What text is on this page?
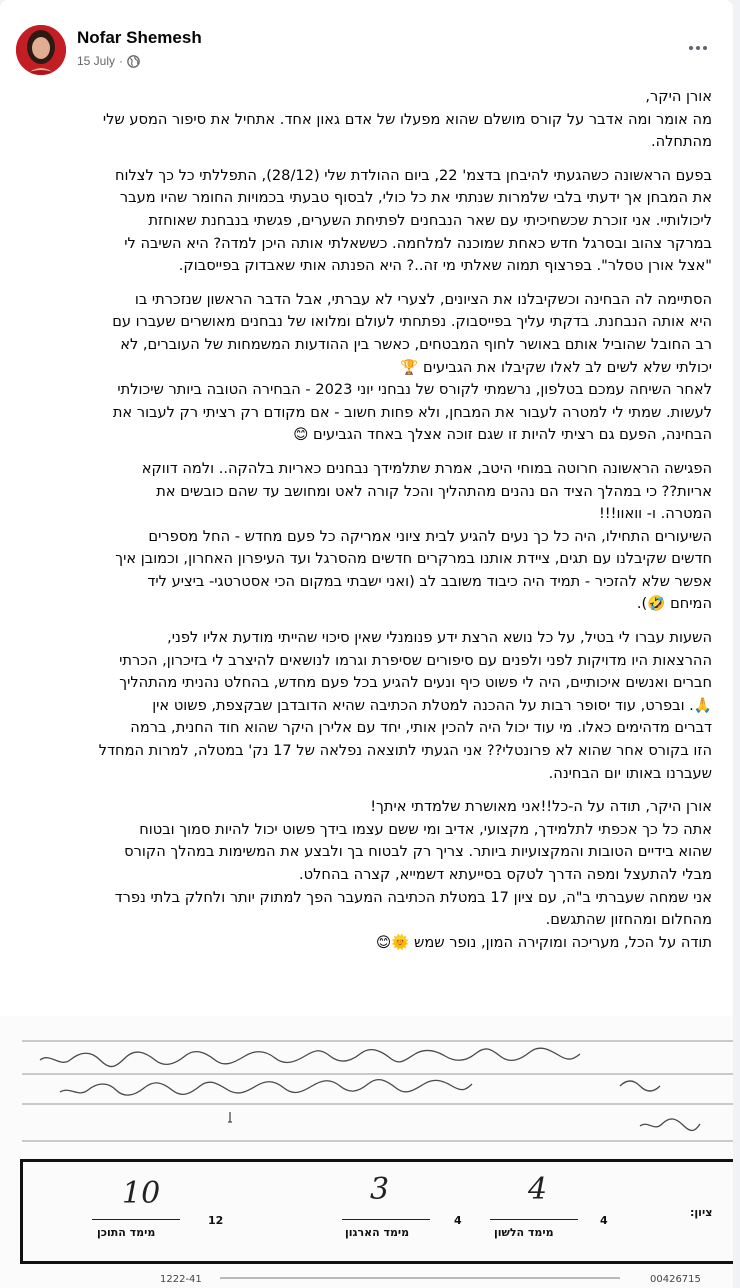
Nofar Shemesh
15 July ·

אורן היקר,
מה אומר ומה אדבר על קורס מושלם שהוא מפעלו של אדם גאון אחד. אתחיל את סיפור המסע שלי
מהתחלה.

בפעם הראשונה כשהגעתי להיבחן בדצמ' 22, ביום ההולדת שלי (28/12), התפללתי כל כך לצלוח
את המבחן אך ידעתי בלבי שלמרות שנתתי את כל כולי, לבסוף טבעתי בכמויות החומר שהיו מעבר
ליכולותיי. אני זוכרת שכשחיכיתי עם שאר הנבחנים לפתיחת השערים, פגשתי בנבחנת שאוחזת
במרקר צהוב ובסרגל חדש כאחת שמוכנה למלחמה. כששאלתי אותה היכן למדה? היא השיבה לי
"אצל אורן טסלר". בפרצוף תמוה שאלתי מי זה..? היא הפנתה אותי שאבדוק בפייסבוק.

הסתיימה לה הבחינה וכשקיבלנו את הציונים, לצערי לא עברתי, אבל הדבר הראשון שנזכרתי בו
היא אותה הנבחנת. בדקתי עליך בפייסבוק. נפתחתי לעולם ומלואו של נבחנים מאושרים שעברו עם
רב החובל שהוביל אותם באושר לחוף המבטחים, כאשר בין ההודעות המשמחות של העוברים, לא
יכולתי שלא לשים לב לאלו שקיבלו את הגביעים 🏆
לאחר השיחה עמכם בטלפון, נרשמתי לקורס של נבחני יוני 2023 - הבחירה הטובה ביותר שיכולתי
לעשות. שמתי לי למטרה לעבור את המבחן, ולא פחות חשוב - אם מקודם רק רציתי רק לעבור את
הבחינה, הפעם גם רציתי להיות זו שגם זוכה אצלך באחד הגביעים 😊

הפגישה הראשונה חרוטה במוחי היטב, אמרת שתלמידך נבחנים כאריות בלהקה.. ולמה דווקא
אריות?? כי במהלך הציד הם נהנים מהתהליך והכל קורה לאט ומחושב עד שהם כובשים את
המטרה. ו- וואוו!!!
השיעורים התחילו, היה כל כך נעים להגיע לבית ציוני אמריקה כל פעם מחדש - החל מספרים
חדשים שקיבלנו עם תגים, ציידת אותנו במרקרים חדשים מהסרגל ועד העיפרון האחרון, וכמובן איך
אפשר שלא להזכיר - תמיד היה כיבוד משובב לב (ואני ישבתי במקום הכי אסטרטגי- ביציע ליד
המיחם 🤣).

השעות עברו לי בטיל, על כל נושא הרצת ידע פנומנלי שאין סיכוי שהייתי מודעת אליו לפני,
ההרצאות היו מדויקות לפני ולפנים עם סיפורים שסיפרת וגרמו לנושאים להיצרב לי בזיכרון, הכרתי
חברים ואנשים איכותיים, היה לי פשוט כיף ונעים להגיע בכל פעם מחדש, בהחלט נהניתי מהתהליך
🙏. ובפרט, עוד יסופר רבות על ההכנה למטלת הכתיבה שהיא הדובדבן שבקצפת, פשוט אין
דברים מדהימים כאלו. מי עוד יכול היה להכין אותי, יחד עם אלירן היקר שהוא חוד החנית, ברמה
הזו בקורס אחר שהוא לא פרונטלי?? אני הגעתי לתוצאה נפלאה של 17 נק' במטלה, למרות המחדל
שעברנו באותו יום הבחינה.

אורן היקר, תודה על ה-כל!!אני מאושרת שלמדתי איתך!
אתה כל כך אכפתי לתלמידך, מקצועי, אדיב ומי ששם עצמו בידך פשוט יכול להיות סמוך ובטוח
שהוא בידיים הטובות והמקצועיות ביותר. צריך רק לבטוח בך ולבצע את המשימות במהלך הקורס
מבלי להתעצל ומפה הדרך לטקס בסייעתא דשמייא, קצרה בהחלט.
אני שמחה שעברתי ב"ה, עם ציון 17 במטלת הכתיבה המעבר הפך למתוק יותר ולחלק בלתי נפרד
מהחלום ומהחזון שהתגשם.
תודה על הכל, מעריכה ומוקירה המון, נופר שמש 🌞😊

1222-41	00426715
ציון:
10
מימד התוכן
12
3
מימד הארגון
4
4
מימד הלשון
4
